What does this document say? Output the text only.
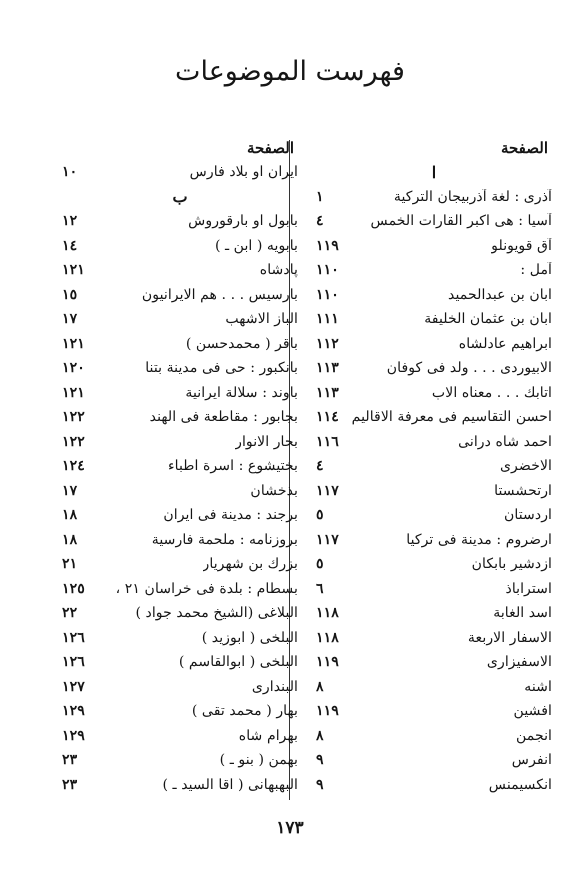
فهرست الموضوعات
الصفحة
ا
آذری : لغة آذربیجان الترکیة
١
آسیا : هی اکبر القارات الخمس
٤
آق قویونلو
١١٩
آمل :
١١٠
ابان بن عبدالحمید
١١٠
ابان بن عثمان الخلیفة
١١١
ابراهیم عادلشاه
١١٢
الابیوردی . . . ولد فی کوفان
١١٣
اتابك . . . معناه الاب
١١٣
احسن التقاسیم فی معرفة الاقالیم
١١٤
احمد شاه درانی
١١٦
الاخضری
٤
ارتحشستا
١١٧
اردستان
٥
ارضروم : مدینة فی ترکیا
١١٧
ازدشیر بابکان
٥
استراباذ
٦
اسد الغابة
١١٨
الاسفار الاربعة
١١٨
الاسفیزاری
١١٩
اشنه
٨
افشین
١١٩
انجمن
٨
انفرس
٩
انکسیمنس
٩
الصفحة
ایران او بلاد فارس
١٠
ب
بابول او بارقوروش
١٢
بابویه ( ابن ـ )
١٤
پادشاه
١٢١
بارسیس . . . هم الایرانیون
١٥
الباز الاشهب
١٧
باقر ( محمدحسن )
١٢١
بانکبور : حی فی مدینة بتنا
١٢٠
باوند : سلالة ایرانیة
١٢١
بجابور : مقاطعة فی الهند
١٢٢
بحار الانوار
١٢٢
بختیشوع : اسرة اطباء
١٢٤
بذخشان
١٧
برجند : مدینة فی ایران
١٨
بروزنامه : ملحمة فارسیة
١٨
بزرك بن شهریار
٢١
بسطام : بلدة فی خراسان ٢١ ،
١٢٥
البلاغی (الشیخ محمد جواد )
٢٢
البلخی ( ابوزید )
١٢٦
البلخی ( ابوالقاسم )
١٢٦
البنداری
١٢٧
بهار ( محمد تقی )
١٢٩
بهرام شاه
١٢٩
بهمن ( بنو ـ )
٢٣
البهبهانی ( اقا السید ـ )
٢٣
١٧٣
